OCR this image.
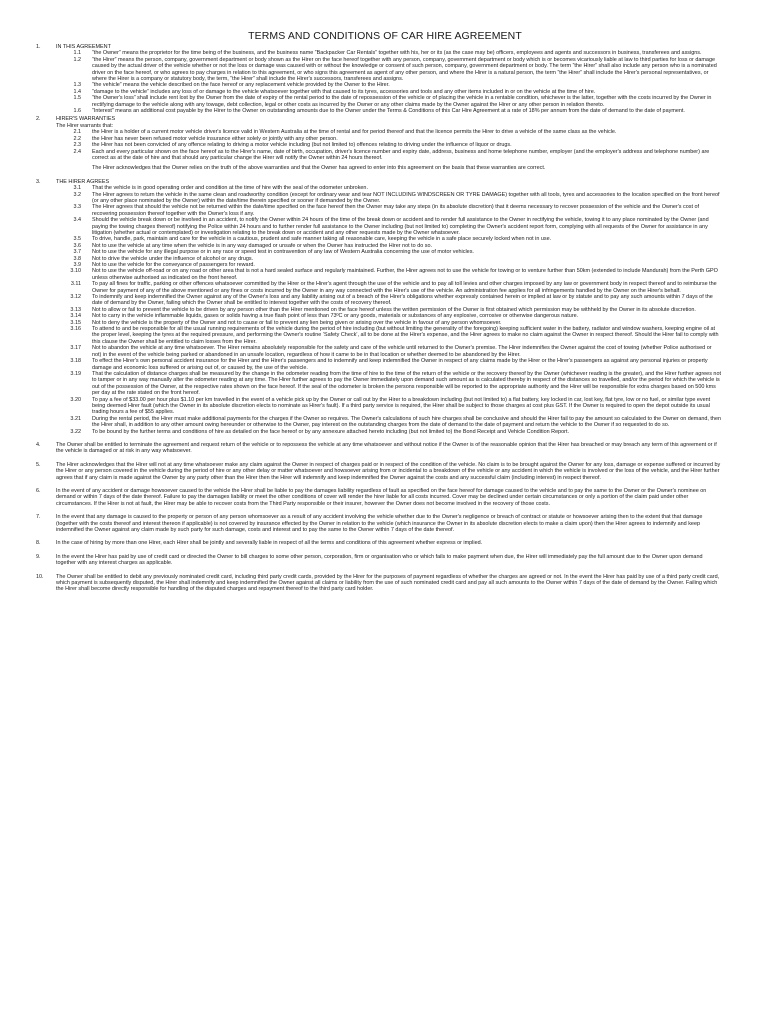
TERMS AND CONDITIONS OF CAR HIRE AGREEMENT
1.	IN THIS AGREEMENT
1.1 “the Owner” means the proprietor for the time being of the business, and the business name “Backpacker Car Rentals” together with his, her or its (as the case may be) officers, employees and agents and successors in business, transferees and assigns.
1.2 “the Hirer” means the person, company, government department or body shown as the Hirer on the face hereof together with any person, company, government department or body which is or becomes vicariously liable at law to third parties for loss or damage caused by the actual driver of the vehicle whether or not the loss or damage was caused with or without the knowledge or consent of such person, company, government department or body. The term “the Hirer” shall also include any person who is a nominated driver on the face hereof, or who agrees to pay charges in relation to this agreement, or who signs this agreement as agent of any other person, and where the Hirer is a natural person, the term “the Hirer” shall include the Hirer's personal representatives, or where the Hirer is a company or statutory body, the term, “the Hirer” shall include the Hirer's successors, transferees and assigns.
1.3 “the vehicle” means the vehicle described on the face hereof or any replacement vehicle provided by the Owner to the Hirer.
1.4 “damage to the vehicle” includes any loss of or damage to the vehicle whatsoever together with that caused to its tyres, accessories and tools and any other items included in or on the vehicle at the time of hire.
1.5 “the Owner's loss” shall include rent lost by the Owner from the date of expiry of the rental period to the date of repossession of the vehicle or of placing the vehicle in a rentable condition, whichever is the latter, together with the costs incurred by the Owner in rectifying damage to the vehicle along with any towage, debt collection, legal or other costs as incurred by the Owner or any other claims made by the Owner against the Hirer or any other person in relation thereto.
1.6 “Interest” means an additional cost payable by the Hirer to the Owner on outstanding amounts due to the Owner under the Terms & Conditions of this Car Hire Agreement at a rate of 18% per annum from the date of demand to the date of payment.
2.	HIRER'S WARRANTIES
The Hirer warrants that:
2.1 the Hirer is a holder of a current motor vehicle driver's licence valid in Western Australia at the time of rental and for period thereof and that the licence permits the Hirer to drive a vehicle of the same class as the vehicle.
2.2 the Hirer has never been refused motor vehicle insurance either solely or jointly with any other person.
2.3 the Hirer has not been convicted of any offence relating to driving a motor vehicle including (but not limited to) offences relating to driving under the influence of liquor or drugs.
2.4 Each and every particular shown on the face hereof as to the Hirer's name, date of birth, occupation, driver's licence number and expiry date, address, business and home telephone number, employer (and the employer's address and telephone number) are correct as at the date of hire and that should any particular change the Hirer will notify the Owner within 24 hours thereof.
The Hirer acknowledges that the Owner relies on the truth of the above warranties and that the Owner has agreed to enter into this agreement on the basis that these warranties are correct.
3.	THE HIRER AGREES
3.1 That the vehicle is in good operating order and condition at the time of hire with the seal of the odometer unbroken.
3.2 The Hirer agrees to return the vehicle in the same clean and roadworthy condition (except for ordinary wear and tear NOT INCLUDING WINDSCREEN OR TYRE DAMAGE) together with all tools, tyres and accessories to the location specified on the front hereof (or any other place nominated by the Owner) within the date/time therein specified or sooner if demanded by the Owner.
3.3 The Hirer agrees that should the vehicle not be returned within the date/time specified on the face hereof then the Owner may take any steps (in its absolute discretion) that it deems necessary to recover possession of the vehicle and the Owner's cost of recovering possession thereof together with the Owner's loss if any.
3.4 Should the vehicle break down or be involved in an accident, to notify the Owner within 24 hours of the time of the break down or accident and to render full assistance to the Owner in rectifying the vehicle, towing it to any place nominated by the Owner (and paying the towing charges thereof) notifying the Police within 24 hours and to further render full assistance to the Owner including (but not limited to) completing the Owner's accident report form, complying with all requests of the Owner for assistance in any litigation (whether actual or contemplated) or investigation relating to the break down or accident and any other requests made by the Owner whatsoever.
3.5 To drive, handle, park, maintain and care for the vehicle in a cautious, prudent and safe manner taking all reasonable care, keeping the vehicle in a safe place securely locked when not in use.
3.6 Not to use the vehicle at any time when the vehicle is in any way damaged or unsafe or when the Owner has instructed the Hirer not to do so.
3.7 Not to use the vehicle for any illegal purpose or in any race or speed test in contravention of any law of Western Australia concerning the use of motor vehicles.
3.8 Not to drive the vehicle under the influence of alcohol or any drugs.
3.9 Not to use the vehicle for the conveyance of passengers for reward.
3.10 Not to use the vehicle off-road or on any road or other area that is not a hard sealed surface and regularly maintained. Further, the Hirer agrees not to use the vehicle for towing or to venture further than 50km (extended to include Mandurah) from the Perth GPO unless otherwise authorised as indicated on the front hereof.
3.11 To pay all fines for traffic, parking or other offences whatsoever committed by the Hirer or the Hirer's agent through the use of the vehicle and to pay all toll levies and other charges imposed by any law or government body in respect thereof and to reimburse the Owner for payment of any of the above mentioned or any fines or costs incurred by the Owner in any way connected with the Hirer's use of the vehicle. An administration fee applies for all infringements handled by the Owner on the Hirer's behalf.
3.12 To indemnify and keep indemnified the Owner against any of the Owner's loss and any liability arising out of a breach of the Hirer's obligations whether expressly contained herein or implied at law or by statute and to pay any such amounts within 7 days of the date of demand by the Owner, failing which the Owner shall be entitled to interest together with the costs of recovery thereof.
3.13 Not to allow or fail to prevent the vehicle to be driven by any person other than the Hirer mentioned on the face hereof unless the written permission of the Owner is first obtained which permission may be withheld by the Owner in its absolute discretion.
3.14 Not to carry in the vehicle inflammable liquids, gases or solids having a true flash point of less than 73ºC or any goods, materials or substances of any explosive, corrosive or otherwise dangerous nature.
3.15 Not to deny the vehicle is the property of the Owner and not to cause or fail to prevent any lien being given or arising over the vehicle in favour of any person whomsoever.
3.16 To attend to and be responsible for all the usual running requirements of the vehicle during the period of hire including (but without limiting the generality of the foregoing) keeping sufficient water in the battery, radiator and window washers, keeping engine oil at the proper level, keeping the tyres at the required pressure, and performing the Owner's routine ‘Safety Check’, all to be done at the Hirer's expense, and the Hirer agrees to make no claim against the Owner in respect thereof. Should the Hirer fail to comply with this clause the Owner shall be entitled to claim losses from the Hirer.
3.17 Not to abandon the vehicle at any time whatsoever. The Hirer remains absolutely responsible for the safety and care of the vehicle until returned to the Owner's premise. The Hirer indemnifies the Owner against the cost of towing (whether Police authorised or not) in the event of the vehicle being parked or abandoned in an unsafe location, regardless of how it came to be in that location or whether deemed to be abandoned by the Hirer.
3.18 To effect the Hirer's own personal accident insurance for the Hirer and the Hirer's passengers and to indemnify and keep indemnified the Owner in respect of any claims made by the Hirer or the Hirer's passengers as against any personal injuries or property damage and economic loss suffered or arising out of, or caused by, the use of the vehicle.
3.19 That the calculation of distance charges shall be measured by the change in the odometer reading from the time of hire to the time of the return of the vehicle or the recovery thereof by the Owner (whichever reading is the greater), and the Hirer further agrees not to tamper or in any way manually alter the odometer reading at any time. The Hirer further agrees to pay the Owner immediately upon demand such amount as is calculated thereby in respect of the distances so travelled, and/or the period for which the vehicle is out of the possession of the Owner, at the respective rates shown on the face hereof. If the seal of the odometer is broken the persons responsible will be reported to the appropriate authority and the Hirer will be responsible for extra charges based on 500 kms per day at the rate stated on the front hereof.
3.20 To pay a fee of $33.00 per hour plus $1.10 per km travelled in the event of a vehicle pick up by the Owner or call out by the Hirer to a breakdown including (but not limited to) a flat battery, key locked in car, lost key, flat tyre, low or no fuel, or similar type event being deemed Hirer fault (which the Owner in its absolute discretion elects to nominate as Hirer's fault). If a third party service is required, the Hirer shall be subject to those charges at cost plus GST. If the Owner is required to open the depot outside its usual trading hours a fee of $55 applies.
3.21 During the rental period, the Hirer must make additional payments for the charges if the Owner so requires. The Owner's calculations of such hire charges shall be conclusive and should the Hirer fail to pay the amount so calculated to the Owner on demand, then the Hirer shall, in addition to any other amount owing hereunder or otherwise to the Owner, pay interest on the outstanding charges from the date of demand to the date of payment and return the vehicle to the Owner if so requested to do so.
3.22 To be bound by the further terms and conditions of hire as detailed on the face hereof or by any annexure attached hereto including (but not limited to) the Bond Receipt and Vehicle Condition Report.
4.	The Owner shall be entitled to terminate the agreement and request return of the vehicle or to repossess the vehicle at any time whatsoever and without notice if the Owner is of the reasonable opinion that the Hirer has breached or may breach any term of this agreement or if the vehicle is damaged or at risk in any way whatsoever.
5.	The Hirer acknowledges that the Hirer will not at any time whatsoever make any claim against the Owner in respect of charges paid or in respect of the condition of the vehicle. No claim is to be brought against the Owner for any loss, damage or expense suffered or incurred by the Hirer or any person covered in the vehicle during the period of hire or any other delay or matter whatsoever and howsoever arising from or incidental to a breakdown of the vehicle or any accident in which the vehicle is involved or the loss of the vehicle, and the Hirer further agrees that if any claim is made against the Owner by any party other than the Hirer then the Hirer will indemnify and keep indemnified the Owner against the costs and any successful claim (including interest) in respect thereof.
6.	In the event of any accident or damage howsoever caused to the vehicle the Hirer shall be liable to pay the damages liability regardless of fault as specified on the face hereof for damage caused to the vehicle and to pay the same to the Owner or the Owner's nominee on demand or within 7 days of the date thereof. Failure to pay the damages liability or meet the other conditions of cover will render the hirer liable for all costs incurred. Cover may be declined under certain circumstances or only a portion of the claim paid under other circumstances. If the Hirer is not at fault, the Hirer may be able to recover costs from the Third Party responsible or their insurer, however the Owner does not become involved in the recovery of those costs.
7.	In the event that any damage is caused to the property or person of any person whomsoever as a result of any accident involving the vehicle whether due to the Owner's negligence or breach of contract or statute or howsoever arising then to the extent that that damage (together with the costs thereof and interest thereon if applicable) is not covered by insurance effected by the Owner in relation to the vehicle (which insurance the Owner in its absolute discretion elects to make a claim upon) then the Hirer agrees to indemnify and keep indemnified the Owner against any claim made by such party for such damage, costs and interest and to pay the same to the Owner within 7 days of the date thereof.
8.	In the case of hiring by more than one Hirer, each Hirer shall be jointly and severally liable in respect of all the terms and conditions of this agreement whether express or implied.
9.	In the event the Hirer has paid by use of credit card or directed the Owner to bill charges to some other person, corporation, firm or organisation who or which fails to make payment when due, the Hirer will immediately pay the full amount due to the Owner upon demand together with any interest charges as applicable.
10. The Owner shall be entitled to debit any previously nominated credit card, including third party credit cards, provided by the Hirer for the purposes of payment regardless of whether the charges are agreed or not. In the event the Hirer has paid by use of a third party credit card, which payment is subsequently disputed, the Hirer shall indemnify and keep indemnified the Owner against all claims or liability from the use of such nominated credit card and pay all such amounts to the Owner within 7 days of the date of demand by the Owner. Failing which the Hirer shall become directly responsible for handling of the disputed charges and repayment thereof to the third party card holder.
